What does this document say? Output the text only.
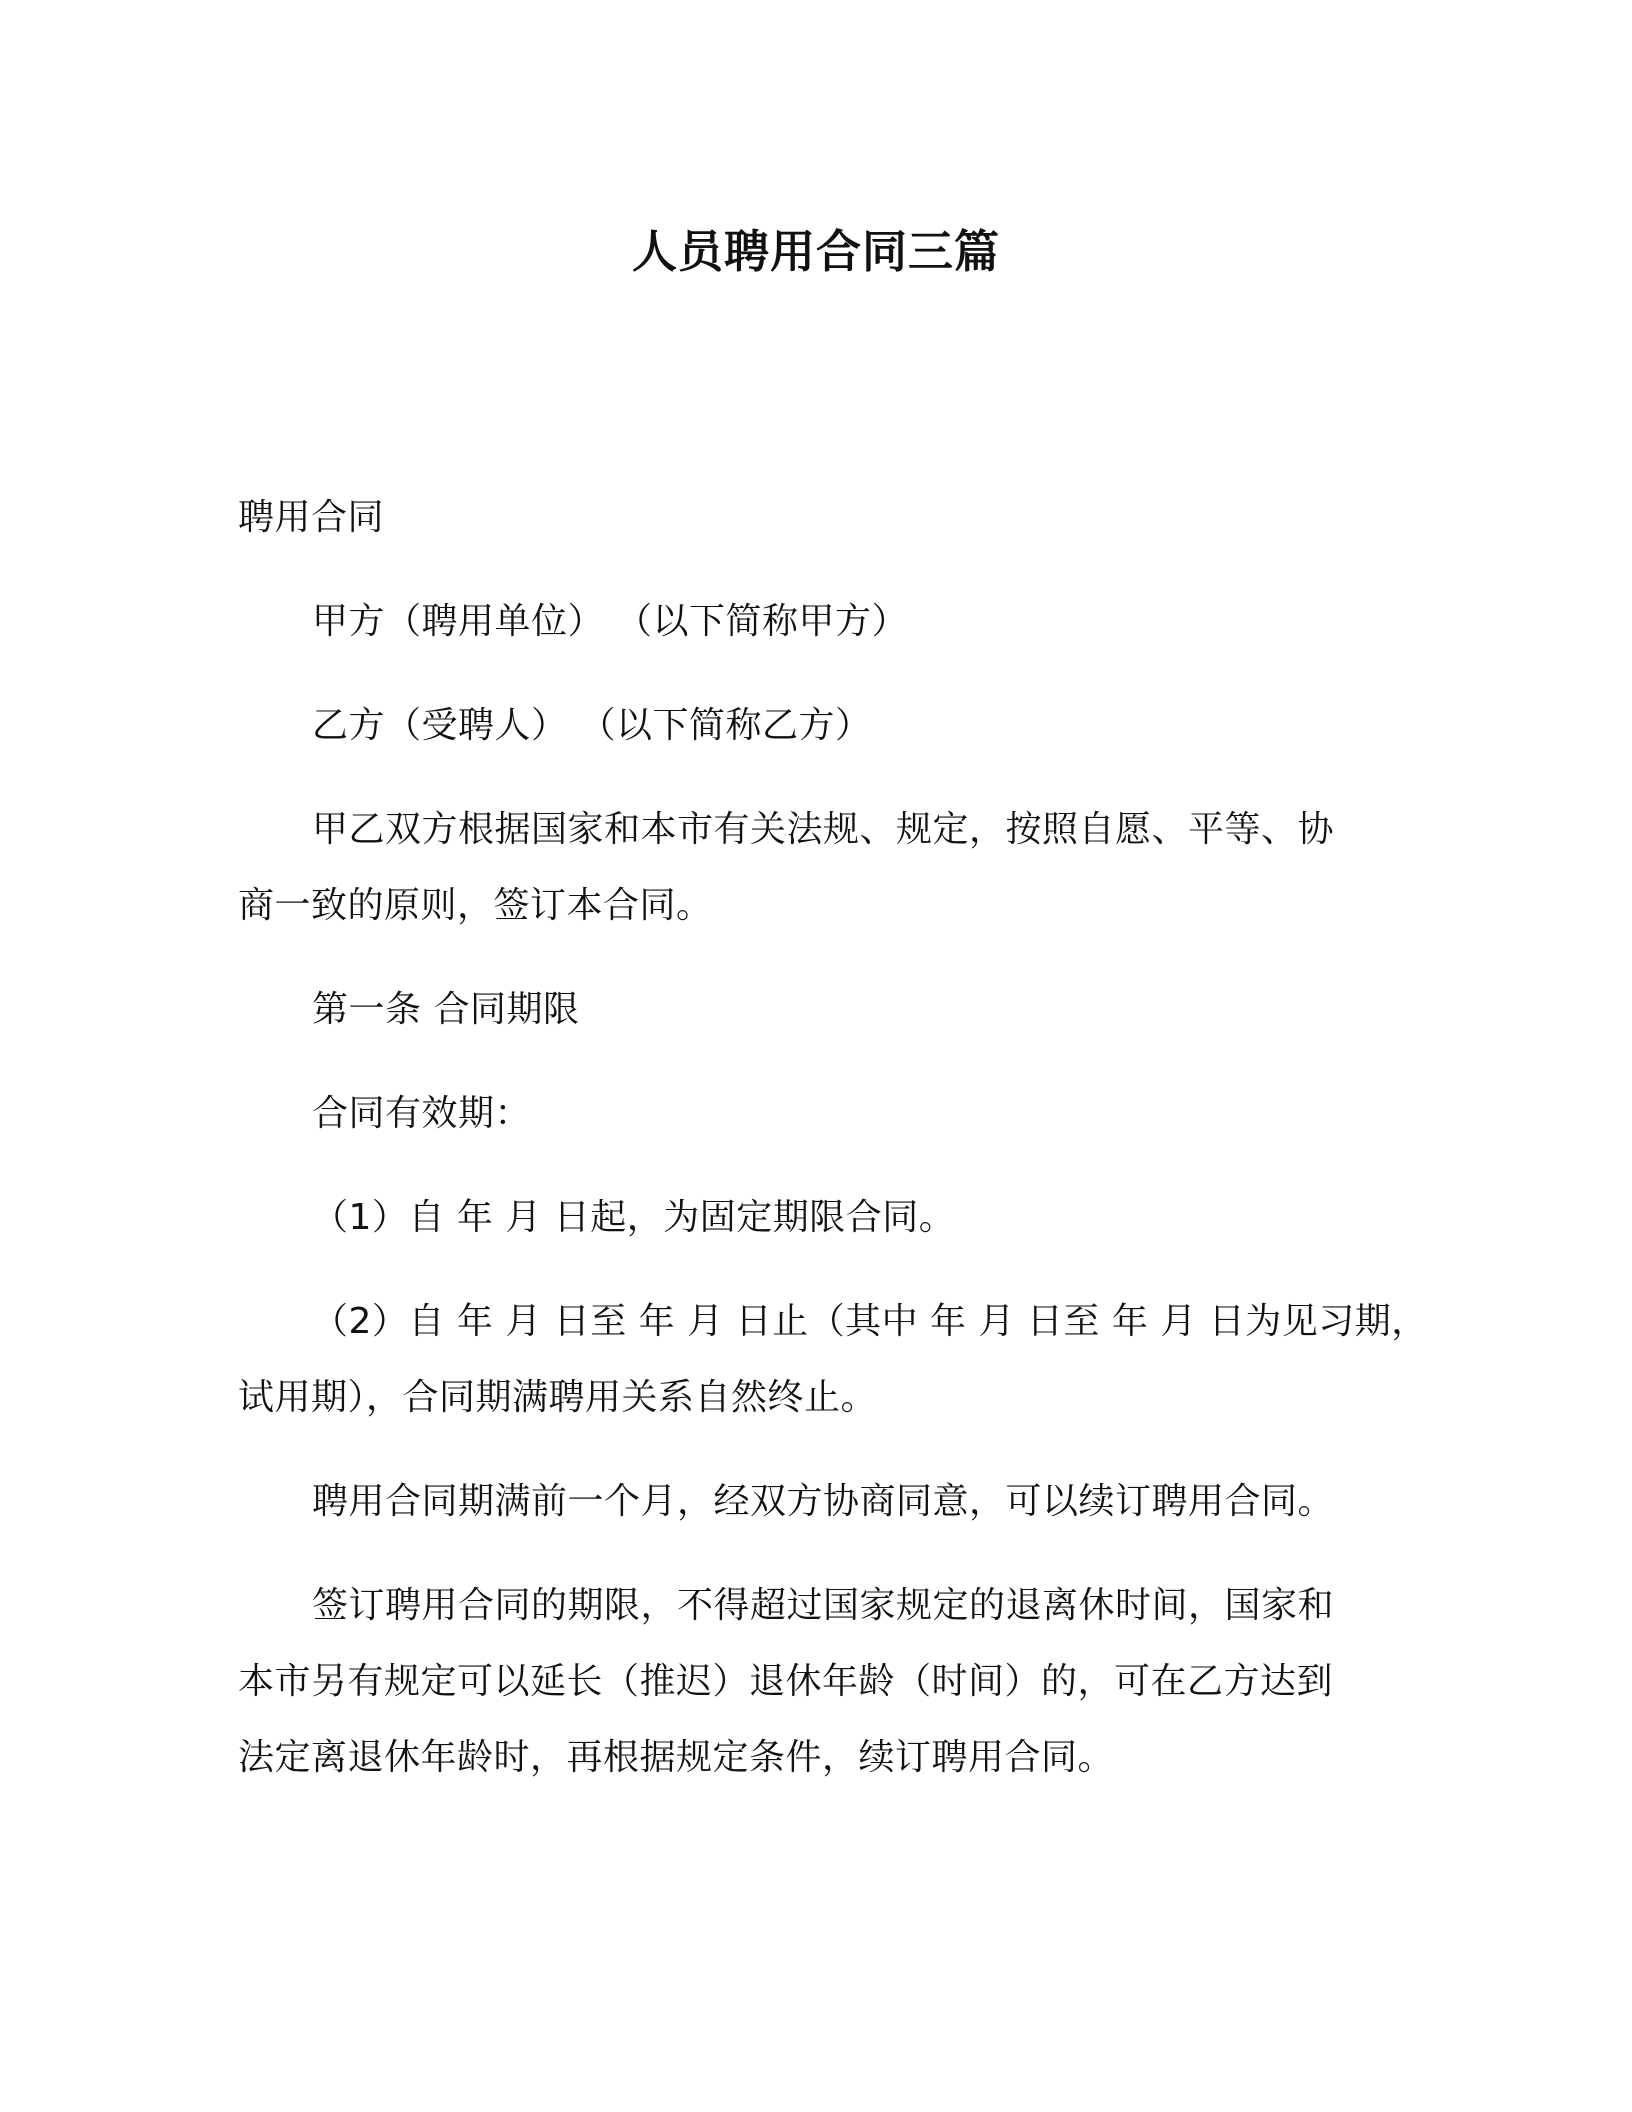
人员聘用合同三篇
聘用合同
甲方（聘用单位） （以下简称甲方）
乙方（受聘人） （以下简称乙方）
甲乙双方根据国家和本市有关法规、规定，按照自愿、平等、协
商一致的原则，签订本合同。
第一条 合同期限
合同有效期：
（1）自 年 月 日起，为固定期限合同。
（2）自 年 月 日至 年 月 日止（其中 年 月 日至 年 月 日为见习期，
试用期），合同期满聘用关系自然终止。
聘用合同期满前一个月，经双方协商同意，可以续订聘用合同。
签订聘用合同的期限，不得超过国家规定的退离休时间，国家和
本市另有规定可以延长（推迟）退休年龄（时间）的，可在乙方达到
法定离退休年龄时，再根据规定条件，续订聘用合同。
